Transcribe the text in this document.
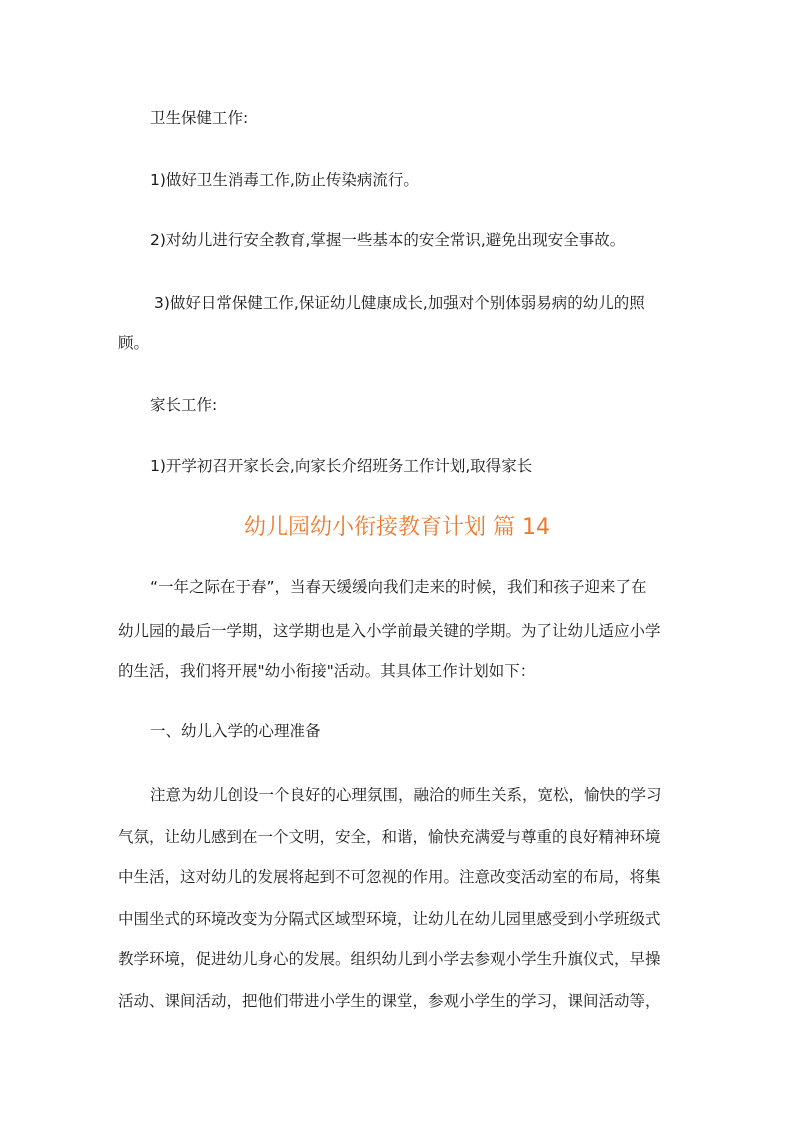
卫生保健工作:
1)做好卫生消毒工作,防止传染病流行。
2)对幼儿进行安全教育,掌握一些基本的安全常识,避免出现安全事故。
3)做好日常保健工作,保证幼儿健康成长,加强对个别体弱易病的幼儿的照
顾。
家长工作:
1)开学初召开家长会,向家长介绍班务工作计划,取得家长
幼儿园幼小衔接教育计划 篇 14
“一年之际在于春”，当春天缓缓向我们走来的时候，我们和孩子迎来了在
幼儿园的最后一学期，这学期也是入小学前最关键的学期。为了让幼儿适应小学
的生活，我们将开展"幼小衔接"活动。其具体工作计划如下：
一、幼儿入学的心理准备
注意为幼儿创设一个良好的心理氛围，融洽的师生关系，宽松，愉快的学习
气氛，让幼儿感到在一个文明，安全，和谐，愉快充满爱与尊重的良好精神环境
中生活，这对幼儿的发展将起到不可忽视的作用。注意改变活动室的布局，将集
中围坐式的环境改变为分隔式区域型环境，让幼儿在幼儿园里感受到小学班级式
教学环境，促进幼儿身心的发展。组织幼儿到小学去参观小学生升旗仪式，早操
活动、课间活动，把他们带进小学生的课堂，参观小学生的学习，课间活动等，
